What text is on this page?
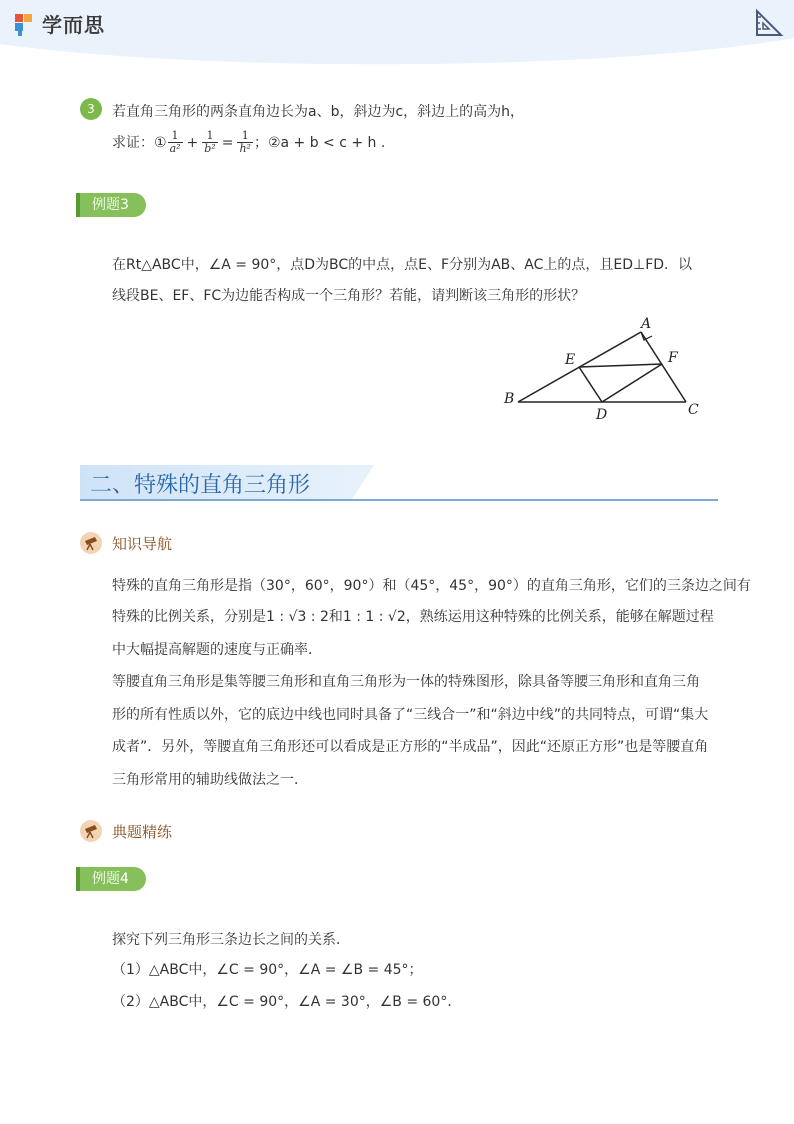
学而思
3	若直角三角形的两条直角边长为a、b，斜边为c，斜边上的高为h，
求证：① $\frac{1}{\text{a²}} + \frac{1}{\text{b²}} = \frac{1}{\text{h²}}$ ；②a + b < c + h .
例题3
在Rt△ABC中，∠A = 90°，点D为BC的中点，点E、F分别为AB、AC上的点，且ED⊥FD．以
线段BE、EF、FC为边能否构成一个三角形？若能，请判断该三角形的形状？
A
B
C
D
E	F
二、特殊的直角三角形
知识导航
特殊的直角三角形是指（30°，60°，90°）和（45°，45°，90°）的直角三角形，它们的三条边之间有
特殊的比例关系，分别是1 : √3 : 2和1 : 1 : √2，熟练运用这种特殊的比例关系，能够在解题过程
中大幅提高解题的速度与正确率．
等腰直角三角形是集等腰三角形和直角三角形为一体的特殊图形，除具备等腰三角形和直角三角
形的所有性质以外，它的底边中线也同时具备了“三线合一”和“斜边中线”的共同特点，可谓“集大
成者”．另外，等腰直角三角形还可以看成是正方形的“半成品”，因此“还原正方形”也是等腰直角
三角形常用的辅助线做法之一．
典题精练
例题4
探究下列三角形三条边长之间的关系．
（1）△ABC中，∠C = 90°，∠A = ∠B = 45°；
（2）△ABC中，∠C = 90°，∠A = 30°，∠B = 60°．
